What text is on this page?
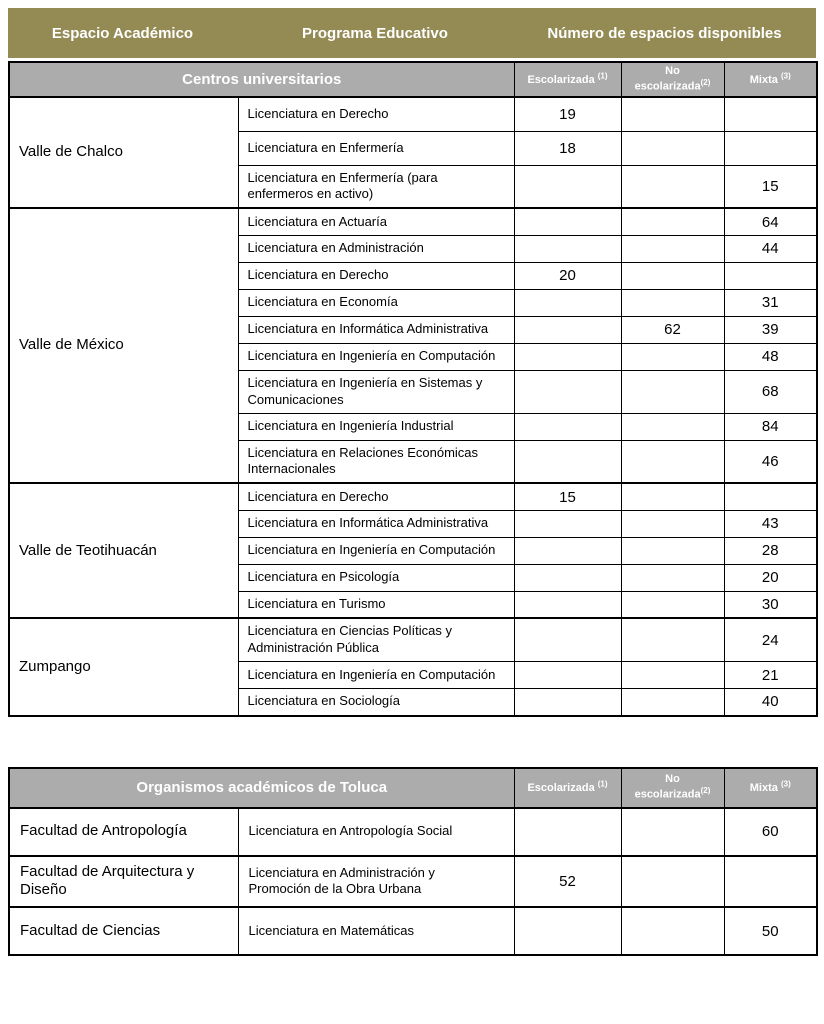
Espacio Académico	Programa Educativo	Número de espacios disponibles
Centros universitarios		Escolarizada $^{(1)}$	No escolarizada$^{(2)}$	Mixta $^{(3)}$
Valle de Chalco	Licenciatura en Derecho	19		
	Licenciatura en Enfermería	18		
	Licenciatura en Enfermería (para enfermeros en activo)			15
Valle de México	Licenciatura en Actuaría			64
	Licenciatura en Administración			44
	Licenciatura en Derecho	20		
	Licenciatura en Economía			31
	Licenciatura en Informática Administrativa		62	39
	Licenciatura en Ingeniería en Computación			48
	Licenciatura en Ingeniería en Sistemas y Comunicaciones			68
	Licenciatura en Ingeniería Industrial			84
	Licenciatura en Relaciones Económicas Internacionales			46
Valle de Teotihuacán	Licenciatura en Derecho	15		
	Licenciatura en Informática Administrativa			43
	Licenciatura en Ingeniería en Computación			28
	Licenciatura en Psicología			20
	Licenciatura en Turismo			30
Zumpango	Licenciatura en Ciencias Políticas y Administración Pública			24
	Licenciatura en Ingeniería en Computación			21
	Licenciatura en Sociología			40
Organismos académicos de Toluca		Escolarizada $^{(1)}$	No escolarizada$^{(2)}$	Mixta $^{(3)}$
Facultad de Antropología	Licenciatura en Antropología Social			60
Facultad de Arquitectura y Diseño	Licenciatura en Administración y Promoción de la Obra Urbana	52		
Facultad de Ciencias	Licenciatura en Matemáticas			50
